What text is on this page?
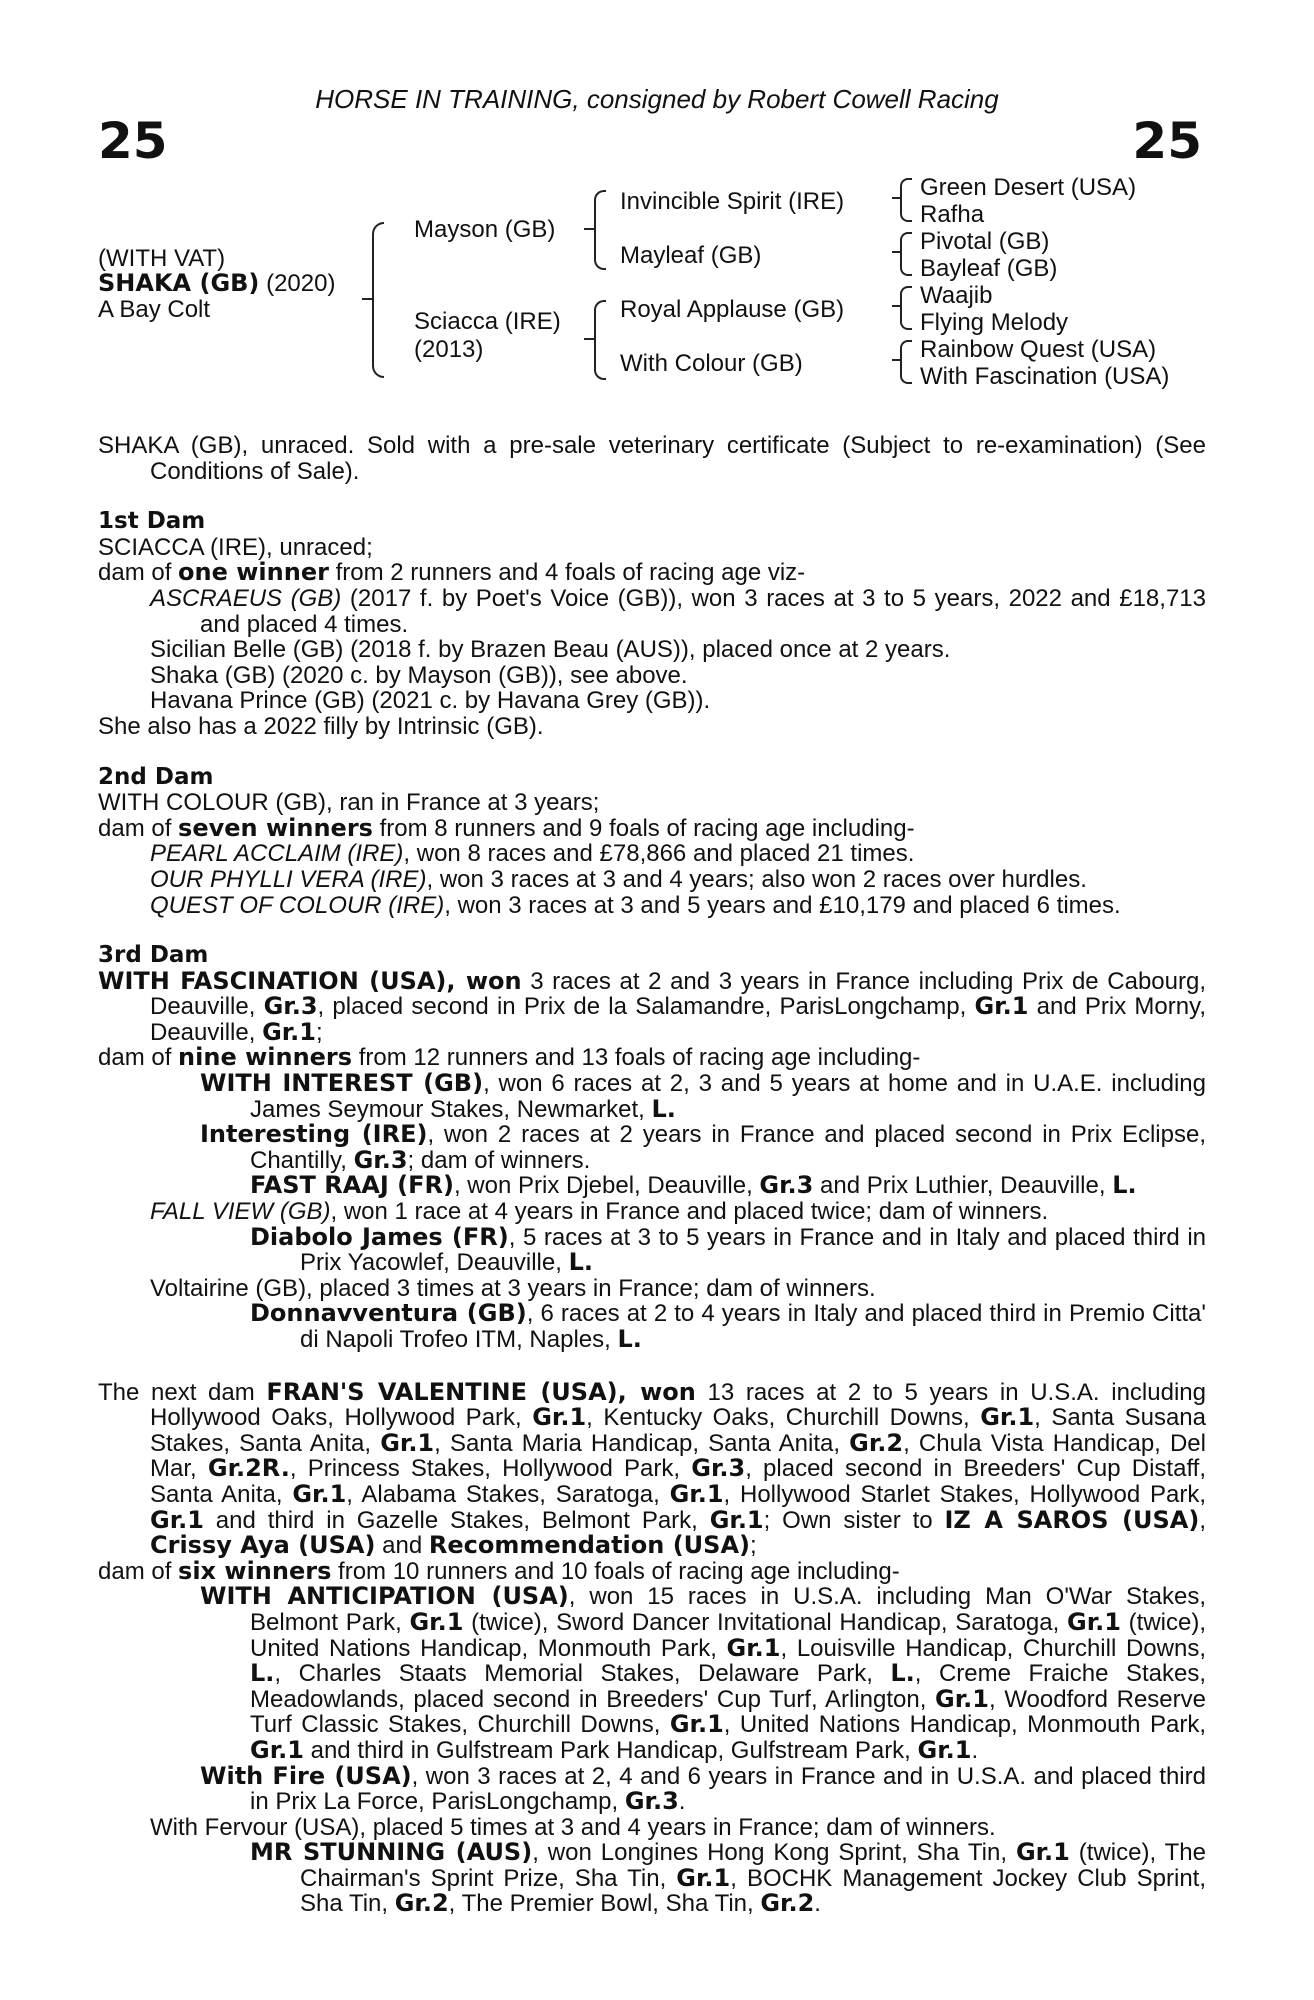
HORSE IN TRAINING, consigned by Robert Cowell Racing
25	25
(WITH VAT)
SHAKA (GB) (2020)
A Bay Colt
Mayson (GB)
Sciacca (IRE)
(2013)
Invincible Spirit (IRE)
Mayleaf (GB)
Royal Applause (GB)
With Colour (GB)
Green Desert (USA)
Rafha
Pivotal (GB)
Bayleaf (GB)
Waajib
Flying Melody
Rainbow Quest (USA)
With Fascination (USA)
SHAKA (GB), unraced. Sold with a pre-sale veterinary certificate (Subject to re-examination) (See Conditions of Sale).
1st Dam
SCIACCA (IRE), unraced;
dam of one winner from 2 runners and 4 foals of racing age viz-
ASCRAEUS (GB) (2017 f. by Poet's Voice (GB)), won 3 races at 3 to 5 years, 2022 and £18,713 and placed 4 times.
Sicilian Belle (GB) (2018 f. by Brazen Beau (AUS)), placed once at 2 years.
Shaka (GB) (2020 c. by Mayson (GB)), see above.
Havana Prince (GB) (2021 c. by Havana Grey (GB)).
She also has a 2022 filly by Intrinsic (GB).
2nd Dam
WITH COLOUR (GB), ran in France at 3 years;
dam of seven winners from 8 runners and 9 foals of racing age including-
PEARL ACCLAIM (IRE), won 8 races and £78,866 and placed 21 times.
OUR PHYLLI VERA (IRE), won 3 races at 3 and 4 years; also won 2 races over hurdles.
QUEST OF COLOUR (IRE), won 3 races at 3 and 5 years and £10,179 and placed 6 times.
3rd Dam
WITH FASCINATION (USA), won 3 races at 2 and 3 years in France including Prix de Cabourg, Deauville, Gr.3, placed second in Prix de la Salamandre, ParisLongchamp, Gr.1 and Prix Morny, Deauville, Gr.1;
dam of nine winners from 12 runners and 13 foals of racing age including-
WITH INTEREST (GB), won 6 races at 2, 3 and 5 years at home and in U.A.E. including James Seymour Stakes, Newmarket, L.
Interesting (IRE), won 2 races at 2 years in France and placed second in Prix Eclipse, Chantilly, Gr.3; dam of winners.
FAST RAAJ (FR), won Prix Djebel, Deauville, Gr.3 and Prix Luthier, Deauville, L.
FALL VIEW (GB), won 1 race at 4 years in France and placed twice; dam of winners.
Diabolo James (FR), 5 races at 3 to 5 years in France and in Italy and placed third in Prix Yacowlef, Deauville, L.
Voltairine (GB), placed 3 times at 3 years in France; dam of winners.
Donnavventura (GB), 6 races at 2 to 4 years in Italy and placed third in Premio Citta' di Napoli Trofeo ITM, Naples, L.
The next dam FRAN'S VALENTINE (USA), won 13 races at 2 to 5 years in U.S.A. including Hollywood Oaks, Hollywood Park, Gr.1, Kentucky Oaks, Churchill Downs, Gr.1, Santa Susana Stakes, Santa Anita, Gr.1, Santa Maria Handicap, Santa Anita, Gr.2, Chula Vista Handicap, Del Mar, Gr.2R., Princess Stakes, Hollywood Park, Gr.3, placed second in Breeders' Cup Distaff, Santa Anita, Gr.1, Alabama Stakes, Saratoga, Gr.1, Hollywood Starlet Stakes, Hollywood Park, Gr.1 and third in Gazelle Stakes, Belmont Park, Gr.1; Own sister to IZ A SAROS (USA), Crissy Aya (USA) and Recommendation (USA);
dam of six winners from 10 runners and 10 foals of racing age including-
WITH ANTICIPATION (USA), won 15 races in U.S.A. including Man O'War Stakes, Belmont Park, Gr.1 (twice), Sword Dancer Invitational Handicap, Saratoga, Gr.1 (twice), United Nations Handicap, Monmouth Park, Gr.1, Louisville Handicap, Churchill Downs, L., Charles Staats Memorial Stakes, Delaware Park, L., Creme Fraiche Stakes, Meadowlands, placed second in Breeders' Cup Turf, Arlington, Gr.1, Woodford Reserve Turf Classic Stakes, Churchill Downs, Gr.1, United Nations Handicap, Monmouth Park, Gr.1 and third in Gulfstream Park Handicap, Gulfstream Park, Gr.1.
With Fire (USA), won 3 races at 2, 4 and 6 years in France and in U.S.A. and placed third in Prix La Force, ParisLongchamp, Gr.3.
With Fervour (USA), placed 5 times at 3 and 4 years in France; dam of winners.
MR STUNNING (AUS), won Longines Hong Kong Sprint, Sha Tin, Gr.1 (twice), The Chairman's Sprint Prize, Sha Tin, Gr.1, BOCHK Management Jockey Club Sprint, Sha Tin, Gr.2, The Premier Bowl, Sha Tin, Gr.2.
